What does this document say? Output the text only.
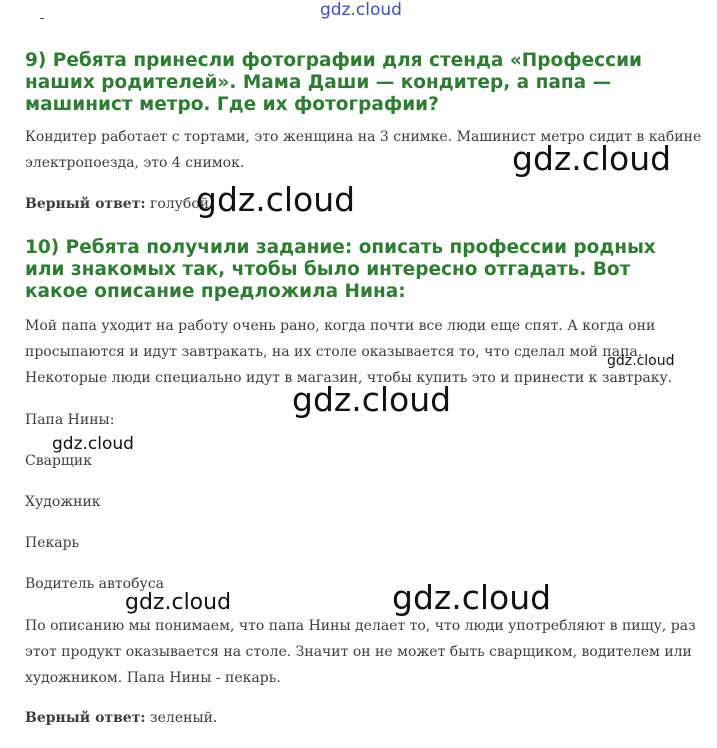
-	gdz.cloud
9) Ребята принесли фотографии для стенда «Профессии наших родителей». Мама Даши — кондитер, а папа — машинист метро. Где их фотографии?

Кондитер работает с тортами, это женщина на 3 снимке. Машинист метро сидит в кабине

электропоезда, это 4 снимок.

Верный ответ: голубой.

10) Ребята получили задание: описать профессии родных или знакомых так, чтобы было интересно отгадать. Вот какое описание предложила Нина:

Мой папа уходит на работу очень рано, когда почти все люди еще спят. А когда они

просыпаются и идут завтракать, на их столе оказывается то, что сделал мой папа.

Некоторые люди специально идут в магазин, чтобы купить это и принести к завтраку.

Папа Нины:

Сварщик

Художник

Пекарь

Водитель автобуса

По описанию мы понимаем, что папа Нины делает то, что люди употребляют в пищу, раз

этот продукт оказывается на столе. Значит он не может быть сварщиком, водителем или

художником. Папа Нины - пекарь.

Верный ответ: зеленый.

gdz.cloud
gdz.cloud
gdz.cloud
gdz.cloud
gdz.cloud
gdz.cloud	gdz.cloud
